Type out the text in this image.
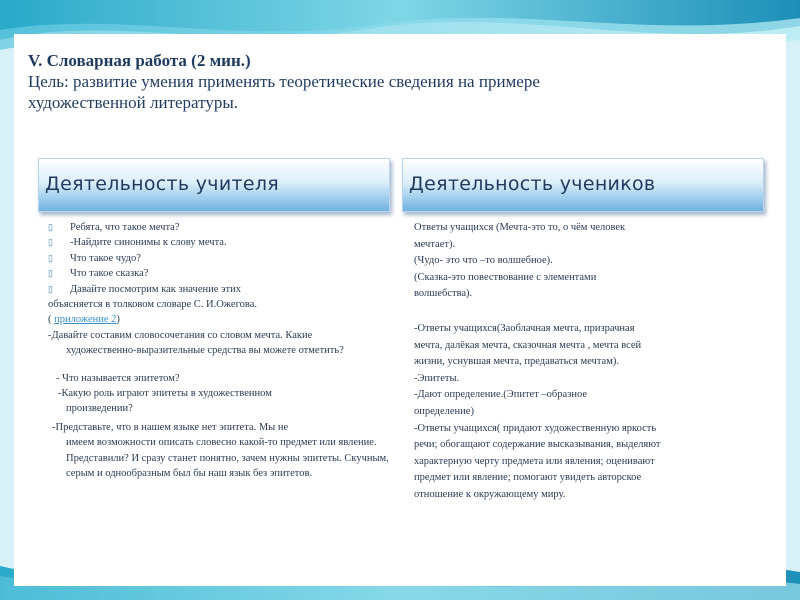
V. Словарная работа (2 мин.)
Цель: развитие умения применять теоретические сведения на примере
художественной литературы.
Деятельность учителя	Деятельность учеников
▯ Ребята, что такое мечта?
▯ -Найдите синонимы к слову мечта.
▯ Что такое чудо?
▯ Что такое сказка?
▯ Давайте посмотрим как значение этих
объясняется в толковом словаре С. И.Ожегова.
( приложение 2)
-Давайте составим словосочетания со словом мечта. Какие
художественно-выразительные средства вы можете отметить?
- Что называется эпитетом?
-Какую роль играют эпитеты в художественном
произведении?
-Представьте, что в нашем языке нет эпитета. Мы не
имеем возможности описать словесно какой-то предмет или явление. Представили? И сразу станет понятно, зачем нужны эпитеты. Скучным, серым и однообразным был бы наш язык без эпитетов.
Ответы учащихся (Мечта-это то, о чём человек
мечтает).
(Чудо- это что –то волшебное).
(Сказка-это повествование с элементами
волшебства).
-Ответы учащихся(Заоблачная мечта, призрачная
мечта, далёкая мечта, сказочная мечта , мечта всей
жизни, уснувшая мечта, предаваться мечтам).
-Эпитеты.
-Дают определение.(Эпитет –образное
определение)
-Ответы учащихся( придают художественную яркость
речи; обогащают содержание высказывания, выделяют
характерную черту предмета или явления; оценивают
предмет или явление; помогают увидеть авторское
отношение к окружающему миру.
